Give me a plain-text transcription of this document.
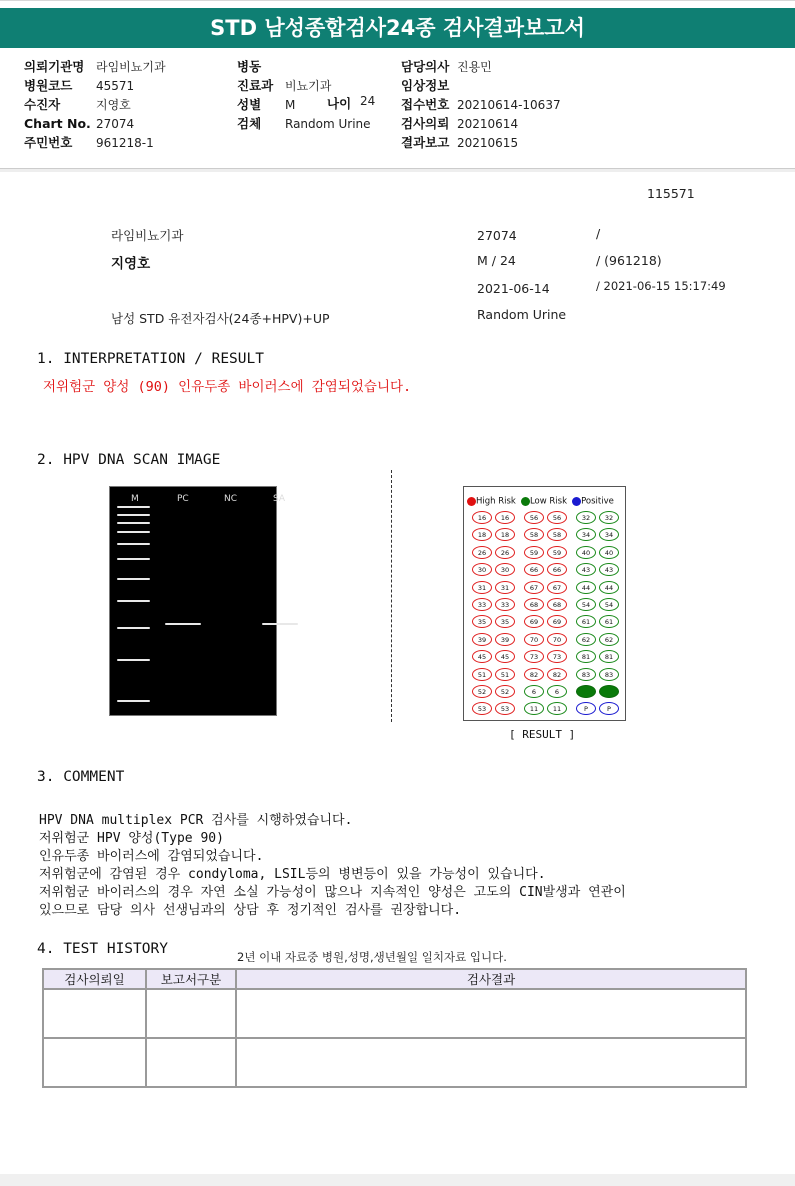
STD 남성종합검사24종 검사결과보고서
의뢰기관명 라임비뇨기과
병원코드 45571
수진자	지영호
Chart No. 27074
주민번호 961218-1
병동
진료과 비뇨기과
성별 M	나이 24
검체 Random Urine
담당의사 진용민
임상정보
접수번호 20210614-10637
검사의뢰 20210614
결과보고 20210615
115571
라임비뇨기과	27074	/
지영호	M / 24	/ (961218)
2021-06-14	/ 2021-06-15 15:17:49
남성 STD 유전자검사(24종+HPV)+UP	Random Urine
1. INTERPRETATION / RESULT
저위험군 양성 (90) 인유두종 바이러스에 감염되었습니다.
2. HPV DNA SCAN IMAGE
M	PC	NC	SA	High Risk Low Risk Positive
16	16
18	18
26	26
30	30
31	31
33	33
35	35
39	39
45	45
51	51
52	52
53	53
56	56
58	58
59	59
66	66
67	67
68	68
69	69
70	70
73	73
82	82
6	6
11	11
32	32
34	34
40	40
43	43
44	44
54	54
61	61
62	62
81	81
83	83
90	90
P	P
[ RESULT ]
3. COMMENT
HPV DNA multiplex PCR 검사를 시행하였습니다.
저위험군 HPV 양성(Type 90)
인유두종 바이러스에 감염되었습니다.
저위험군에 감염된 경우 condyloma, LSIL등의 병변등이 있을 가능성이 있습니다.
저위험군 바이러스의 경우 자연 소실 가능성이 많으나 지속적인 양성은 고도의 CIN발생과 연관이
있으므로 담당 의사 선생님과의 상담 후 정기적인 검사를 권장합니다.
4. TEST HISTORY	2년 이내 자료중 병원,성명,생년월일 일치자료 입니다.
검사의뢰일	보고서구분	검사결과
